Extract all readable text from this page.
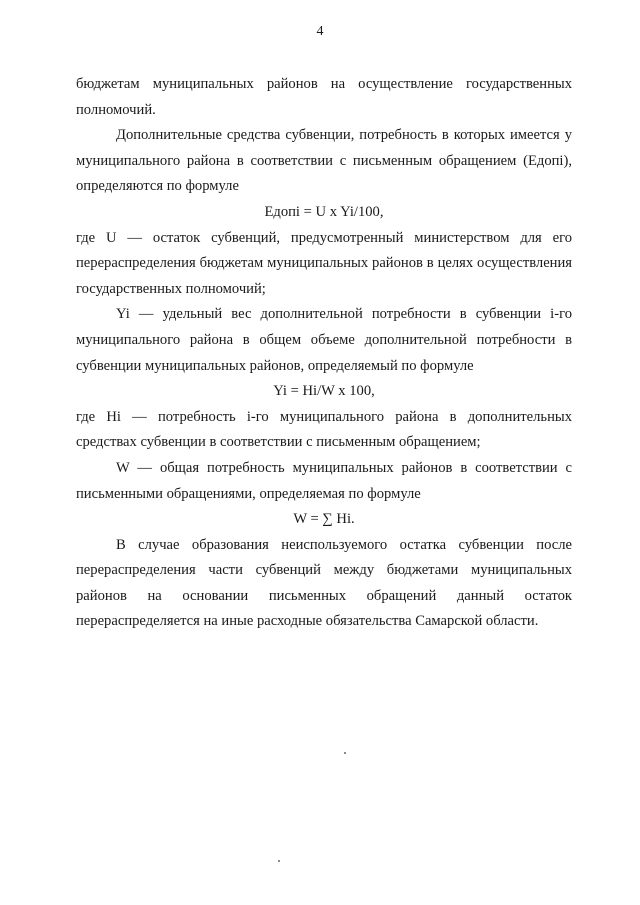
4

бюджетам муниципальных районов на осуществление государственных полномочий.

Дополнительные средства субвенции, потребность в которых имеется у муниципального района в соответствии с письменным обращением (Eдопi), определяются по формуле

Eдопi = U x Yi/100,

где U — остаток субвенций, предусмотренный министерством для его перераспределения бюджетам муниципальных районов в целях осуществления государственных полномочий;

Yi — удельный вес дополнительной потребности в субвенции i-го муниципального района в общем объеме дополнительной потребности в субвенции муниципальных районов, определяемый по формуле

Yi = Hi/W x 100,

где Hi — потребность i-го муниципального района в дополнительных средствах субвенции в соответствии с письменным обращением;

W — общая потребность муниципальных районов в соответствии с письменными обращениями, определяемая по формуле

W = ∑ Hi.

В случае образования неиспользуемого остатка субвенции после перераспределения части субвенций между бюджетами муниципальных районов на основании письменных обращений данный остаток перераспределяется на иные расходные обязательства Самарской области.
